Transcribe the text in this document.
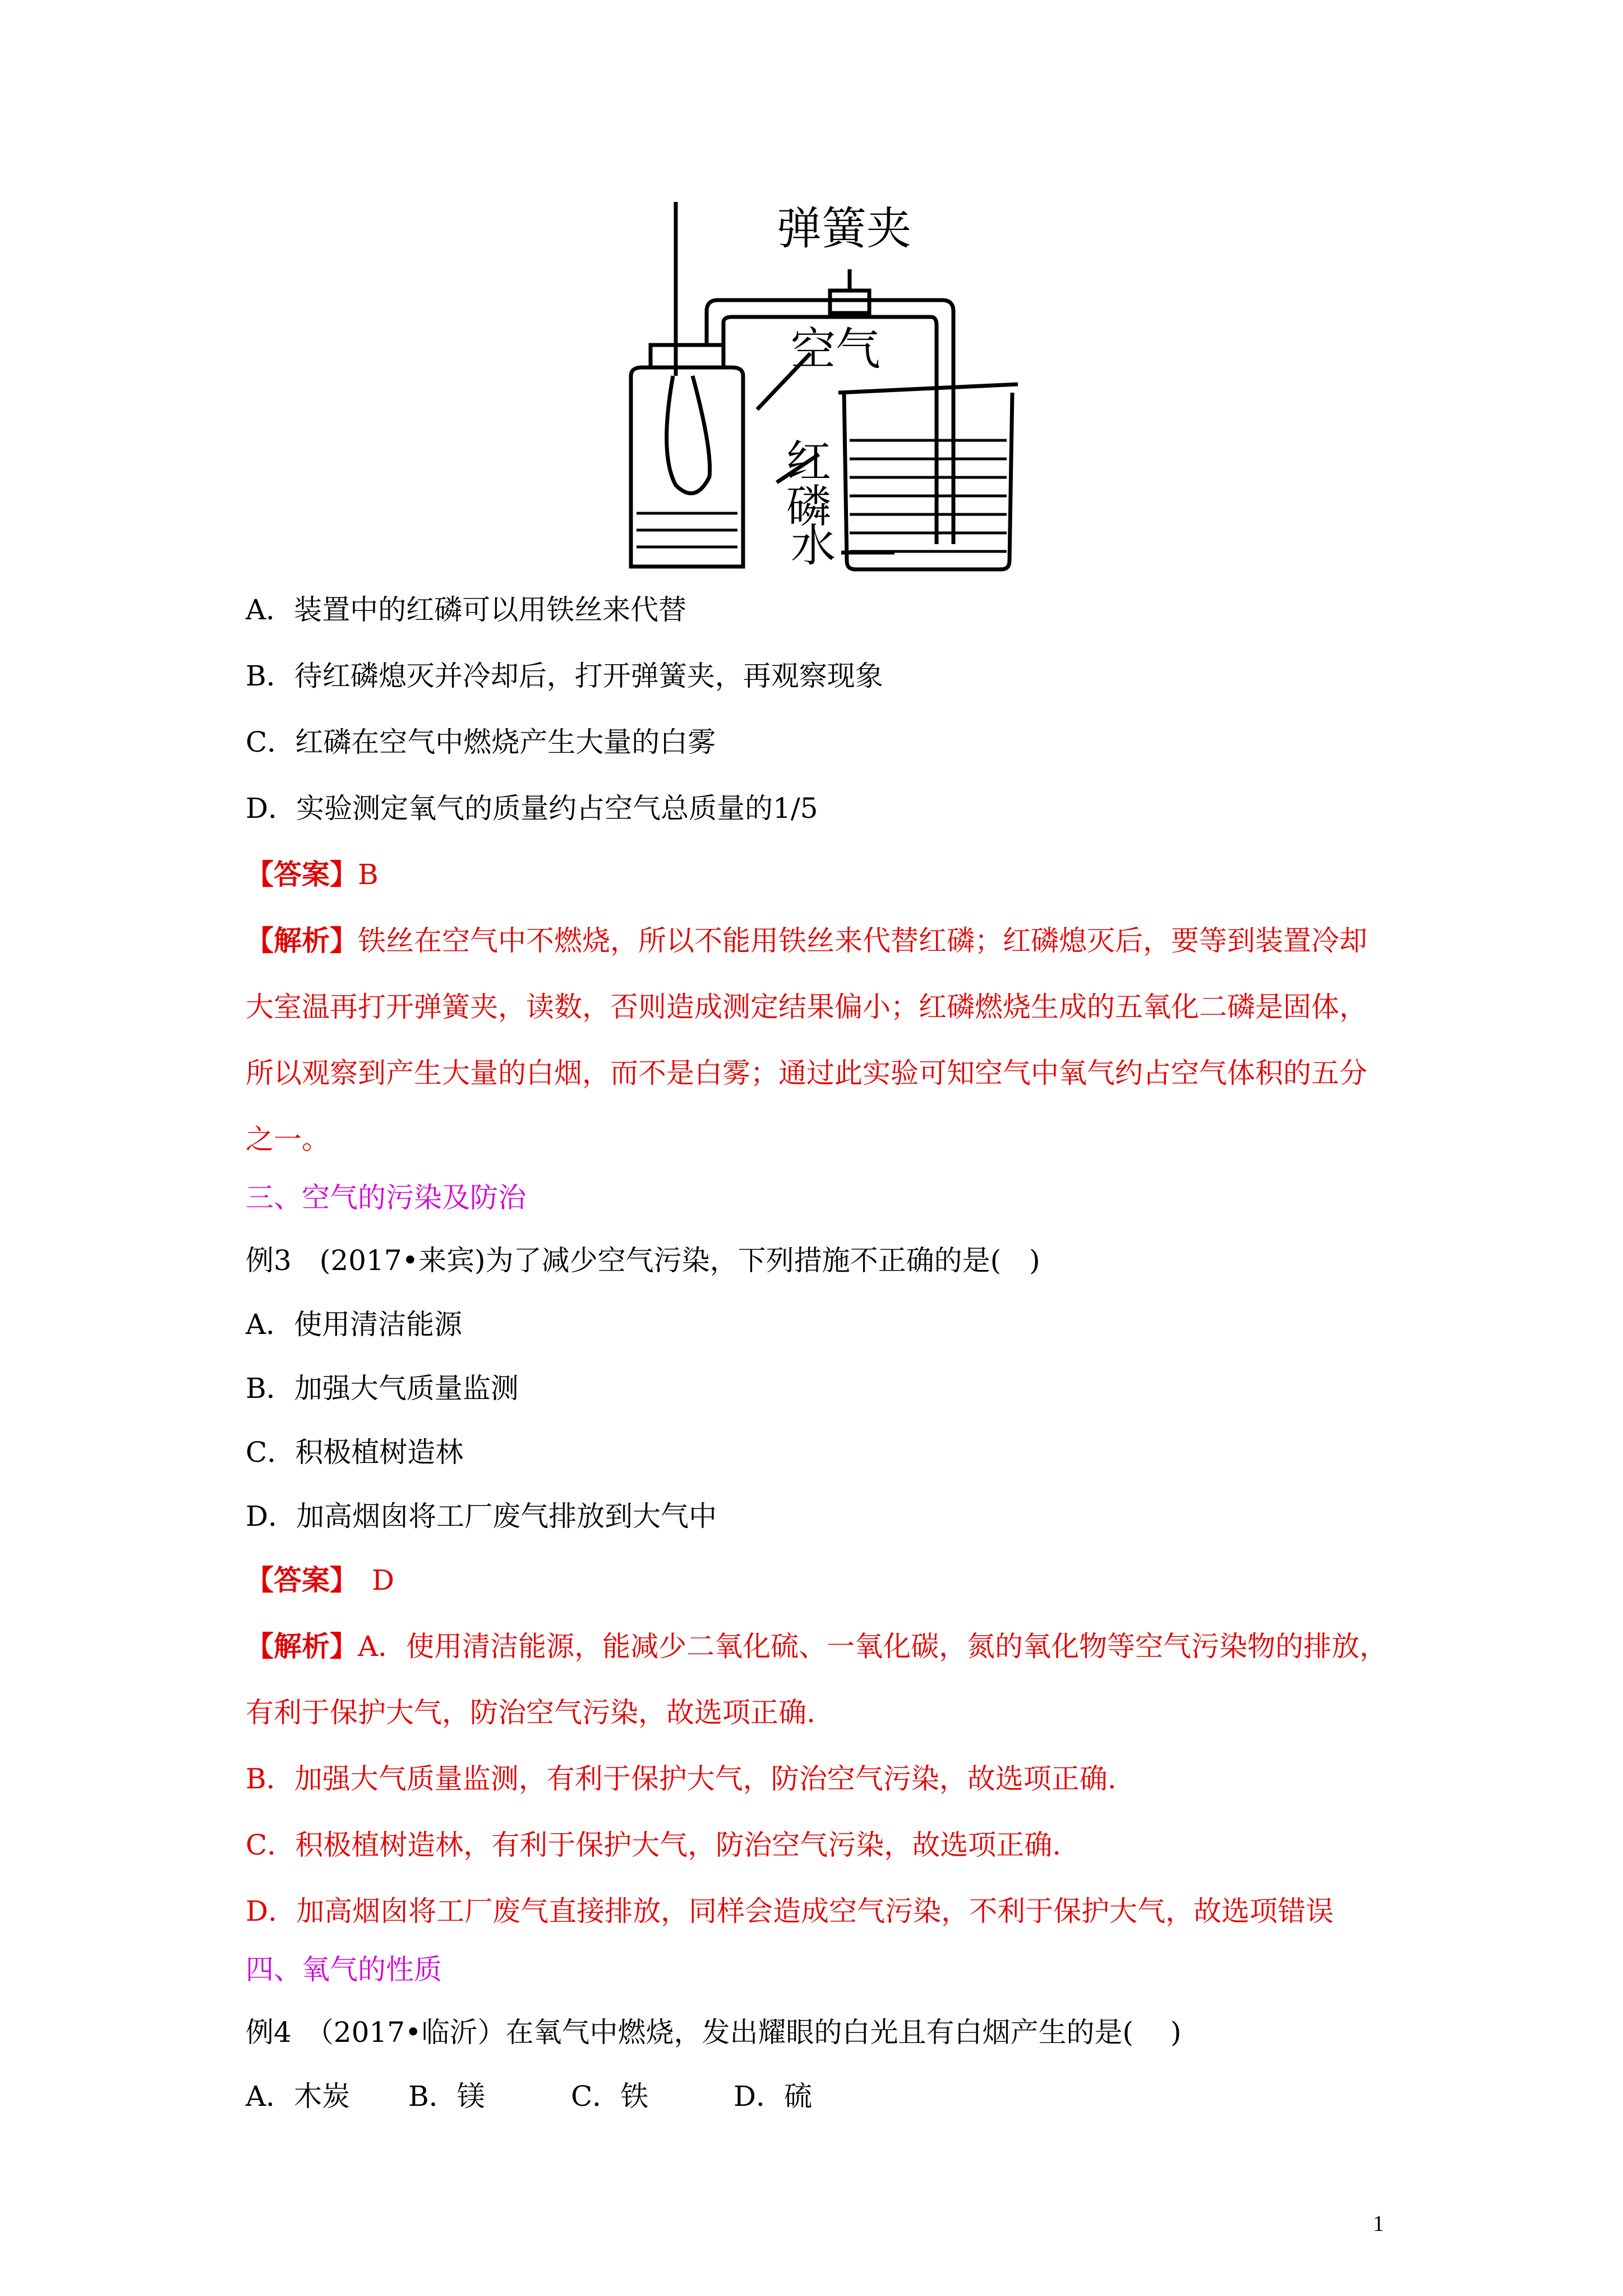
弹簧夹
空气
红磷
水
A．装置中的红磷可以用铁丝来代替
B．待红磷熄灭并冷却后，打开弹簧夹，再观察现象
C．红磷在空气中燃烧产生大量的白雾
D．实验测定氧气的质量约占空气总质量的1/5
【答案】B
【解析】铁丝在空气中不燃烧，所以不能用铁丝来代替红磷；红磷熄灭后，要等到装置冷却
大室温再打开弹簧夹，读数，否则造成测定结果偏小；红磷燃烧生成的五氧化二磷是固体，
所以观察到产生大量的白烟，而不是白雾；通过此实验可知空气中氧气约占空气体积的五分
之一。
三、空气的污染及防治
例3　(2017•来宾)为了减少空气污染，下列措施不正确的是(　)
A．使用清洁能源
B．加强大气质量监测
C．积极植树造林
D．加高烟囱将工厂废气排放到大气中
【答案】　D
【解析】A．使用清洁能源，能减少二氧化硫、一氧化碳，氮的氧化物等空气污染物的排放，
有利于保护大气，防治空气污染，故选项正确.
B．加强大气质量监测，有利于保护大气，防治空气污染，故选项正确.
C．积极植树造林，有利于保护大气，防治空气污染，故选项正确.
D．加高烟囱将工厂废气直接排放，同样会造成空气污染，不利于保护大气，故选项错误
四、氧气的性质
例4　（2017•临沂）在氧气中燃烧，发出耀眼的白光且有白烟产生的是(　 )
A．木炭 B．镁	C．铁	D．硫
1
